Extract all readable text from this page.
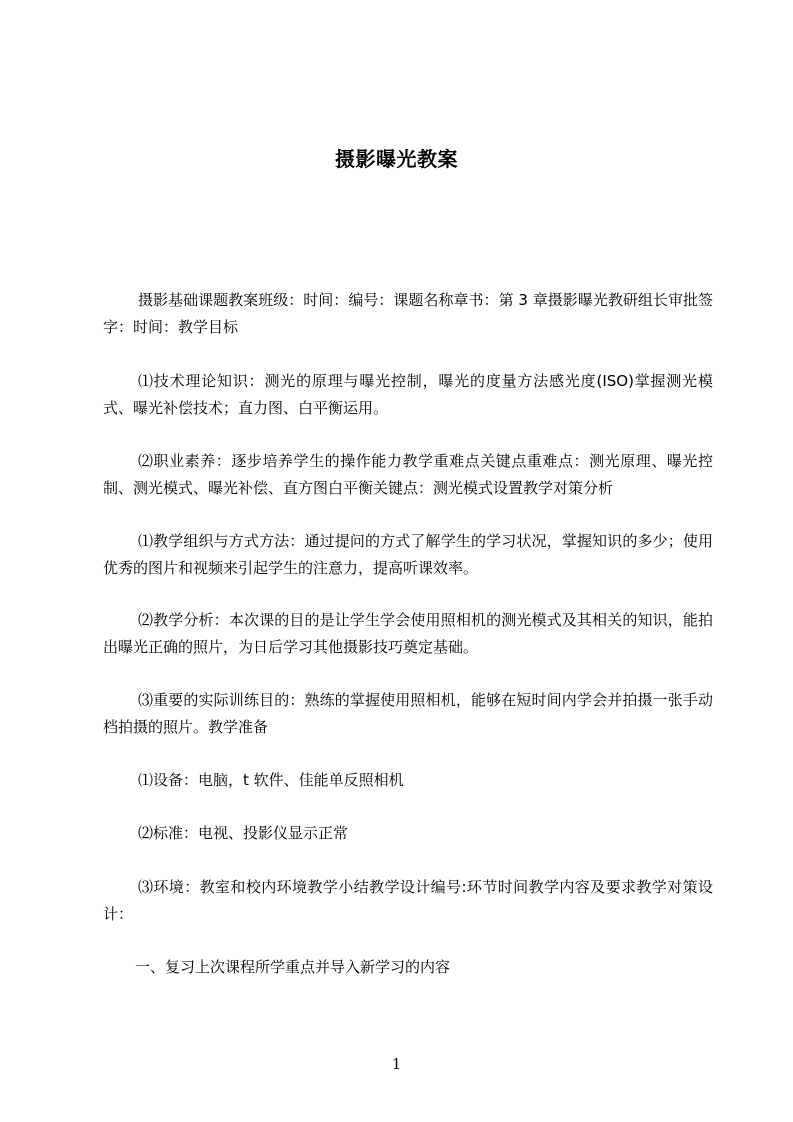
摄影曝光教案

摄影基础课题教案班级：时间：编号：课题名称章书：第 3 章摄影曝光教研组长审批签字：时间：教学目标

⑴技术理论知识：测光的原理与曝光控制，曝光的度量方法感光度(ISO)掌握测光模式、曝光补偿技术；直力图、白平衡运用。

⑵职业素养：逐步培养学生的操作能力教学重难点关键点重难点：测光原理、曝光控制、测光模式、曝光补偿、直方图白平衡关键点：测光模式设置教学对策分析

⑴教学组织与方式方法：通过提问的方式了解学生的学习状况，掌握知识的多少；使用优秀的图片和视频来引起学生的注意力，提高听课效率。

⑵教学分析：本次课的目的是让学生学会使用照相机的测光模式及其相关的知识，能拍出曝光正确的照片，为日后学习其他摄影技巧奠定基础。

⑶重要的实际训练目的：熟练的掌握使用照相机，能够在短时间内学会并拍摄一张手动档拍摄的照片。教学准备

⑴设备：电脑，t 软件、佳能单反照相机

⑵标准：电视、投影仪显示正常

⑶环境：教室和校内环境教学小结教学设计编号:环节时间教学内容及要求教学对策设计：

一、复习上次课程所学重点并导入新学习的内容

1
